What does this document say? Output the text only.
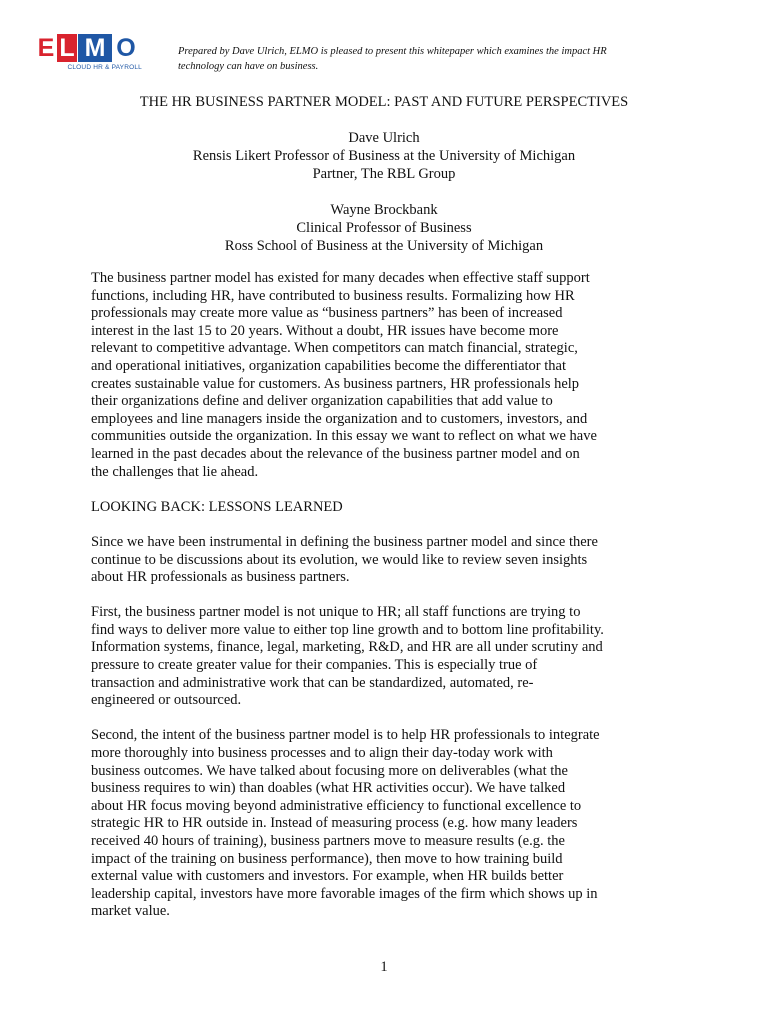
E L M O
CLOUD HR & PAYROLL
Prepared by Dave Ulrich, ELMO is pleased to present this whitepaper which examines the impact HR
technology can have on business.
THE HR BUSINESS PARTNER MODEL: PAST AND FUTURE PERSPECTIVES
Dave Ulrich
Rensis Likert Professor of Business at the University of Michigan
Partner, The RBL Group
Wayne Brockbank
Clinical Professor of Business
Ross School of Business at the University of Michigan

The business partner model has existed for many decades when effective staff support
functions, including HR, have contributed to business results. Formalizing how HR
professionals may create more value as “business partners” has been of increased
interest in the last 15 to 20 years. Without a doubt, HR issues have become more
relevant to competitive advantage. When competitors can match financial, strategic,
and operational initiatives, organization capabilities become the differentiator that
creates sustainable value for customers. As business partners, HR professionals help
their organizations define and deliver organization capabilities that add value to
employees and line managers inside the organization and to customers, investors, and
communities outside the organization. In this essay we want to reflect on what we have
learned in the past decades about the relevance of the business partner model and on
the challenges that lie ahead.

LOOKING BACK: LESSONS LEARNED

Since we have been instrumental in defining the business partner model and since there
continue to be discussions about its evolution, we would like to review seven insights
about HR professionals as business partners.

First, the business partner model is not unique to HR; all staff functions are trying to
find ways to deliver more value to either top line growth and to bottom line profitability.
Information systems, finance, legal, marketing, R&D, and HR are all under scrutiny and
pressure to create greater value for their companies. This is especially true of
transaction and administrative work that can be standardized, automated, re-
engineered or outsourced.

Second, the intent of the business partner model is to help HR professionals to integrate
more thoroughly into business processes and to align their day-today work with
business outcomes. We have talked about focusing more on deliverables (what the
business requires to win) than doables (what HR activities occur). We have talked
about HR focus moving beyond administrative efficiency to functional excellence to
strategic HR to HR outside in. Instead of measuring process (e.g. how many leaders
received 40 hours of training), business partners move to measure results (e.g. the
impact of the training on business performance), then move to how training build
external value with customers and investors. For example, when HR builds better
leadership capital, investors have more favorable images of the firm which shows up in
market value.

1
